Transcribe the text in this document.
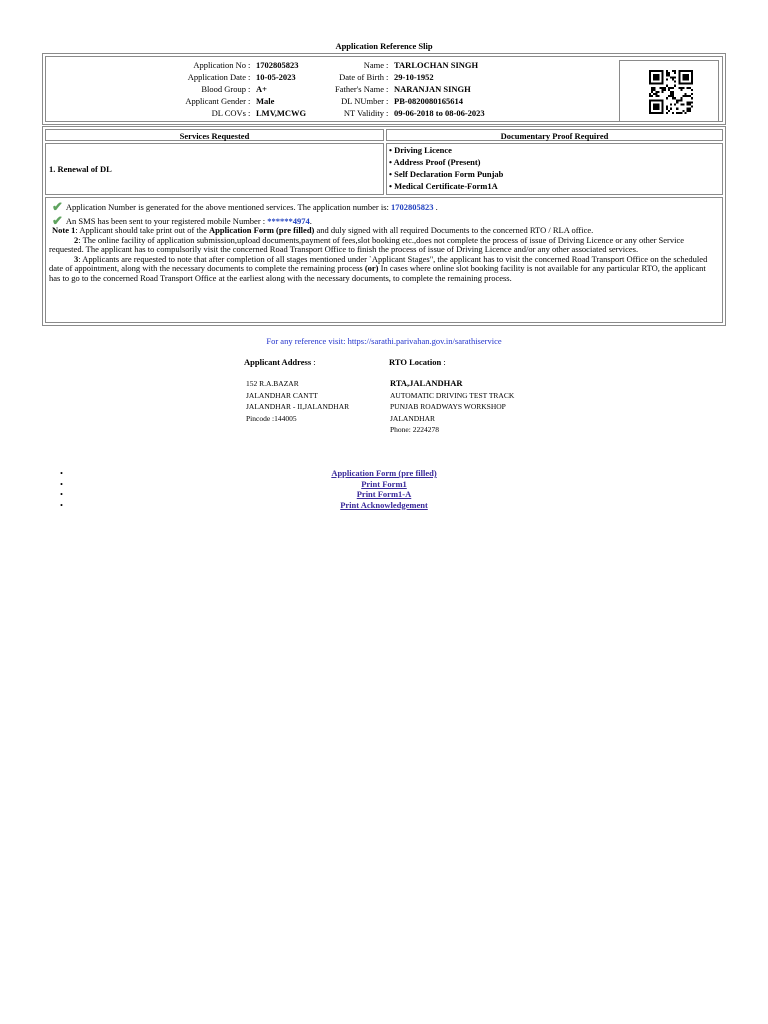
Application Reference Slip
Application No : 1702805823	Name : TARLOCHAN SINGH
Application Date : 10-05-2023	Date of Birth : 29-10-1952
Blood Group : A+	Father's Name : NARANJAN SINGH
Applicant Gender : Male	DL NUmber : PB-0820080165614
DL COVs : LMV,MCWG	NT Validity : 09-06-2018 to 08-06-2023
Services Requested	Documentary Proof Required
1. Renewal of DL
• Driving Licence
• Address Proof (Present)
• Self Declaration Form Punjab
• Medical Certificate-Form1A
✔ Application Number is generated for the above mentioned services. The application number is: 1702805823 .
✔ An SMS has been sent to your registered mobile Number : ******4974.
Note 1: Applicant should take print out of the Application Form (pre filled) and duly signed with all required Documents to the concerned RTO / RLA office.
2: The online facility of application submission,upload documents,payment of fees,slot booking etc.,does not complete the process of issue of Driving Licence or any other Service requested. The applicant has to compulsorily visit the concerned Road Transport Office to finish the process of issue of Driving Licence and/or any other associated services.
3: Applicants are requested to note that after completion of all stages mentioned under `Applicant Stages", the applicant has to visit the concerned Road Transport Office on the scheduled date of appointment, along with the necessary documents to complete the remaining process (or) In cases where online slot booking facility is not available for any particular RTO, the applicant has to go to the concerned Road Transport Office at the earliest along with the necessary documents, to complete the remaining process.
For any reference visit: https://sarathi.parivahan.gov.in/sarathiservice
Applicant Address :
152 R.A.BAZAR
JALANDHAR CANTT
JALANDHAR - II,JALANDHAR
Pincode :144005
RTO Location :
RTA,JALANDHAR
AUTOMATIC DRIVING TEST TRACK
PUNJAB ROADWAYS WORKSHOP
JALANDHAR
Phone: 2224278
•	Application Form (pre filled)
•	Print Form1
•	Print Form1-A
•	Print Acknowledgement
